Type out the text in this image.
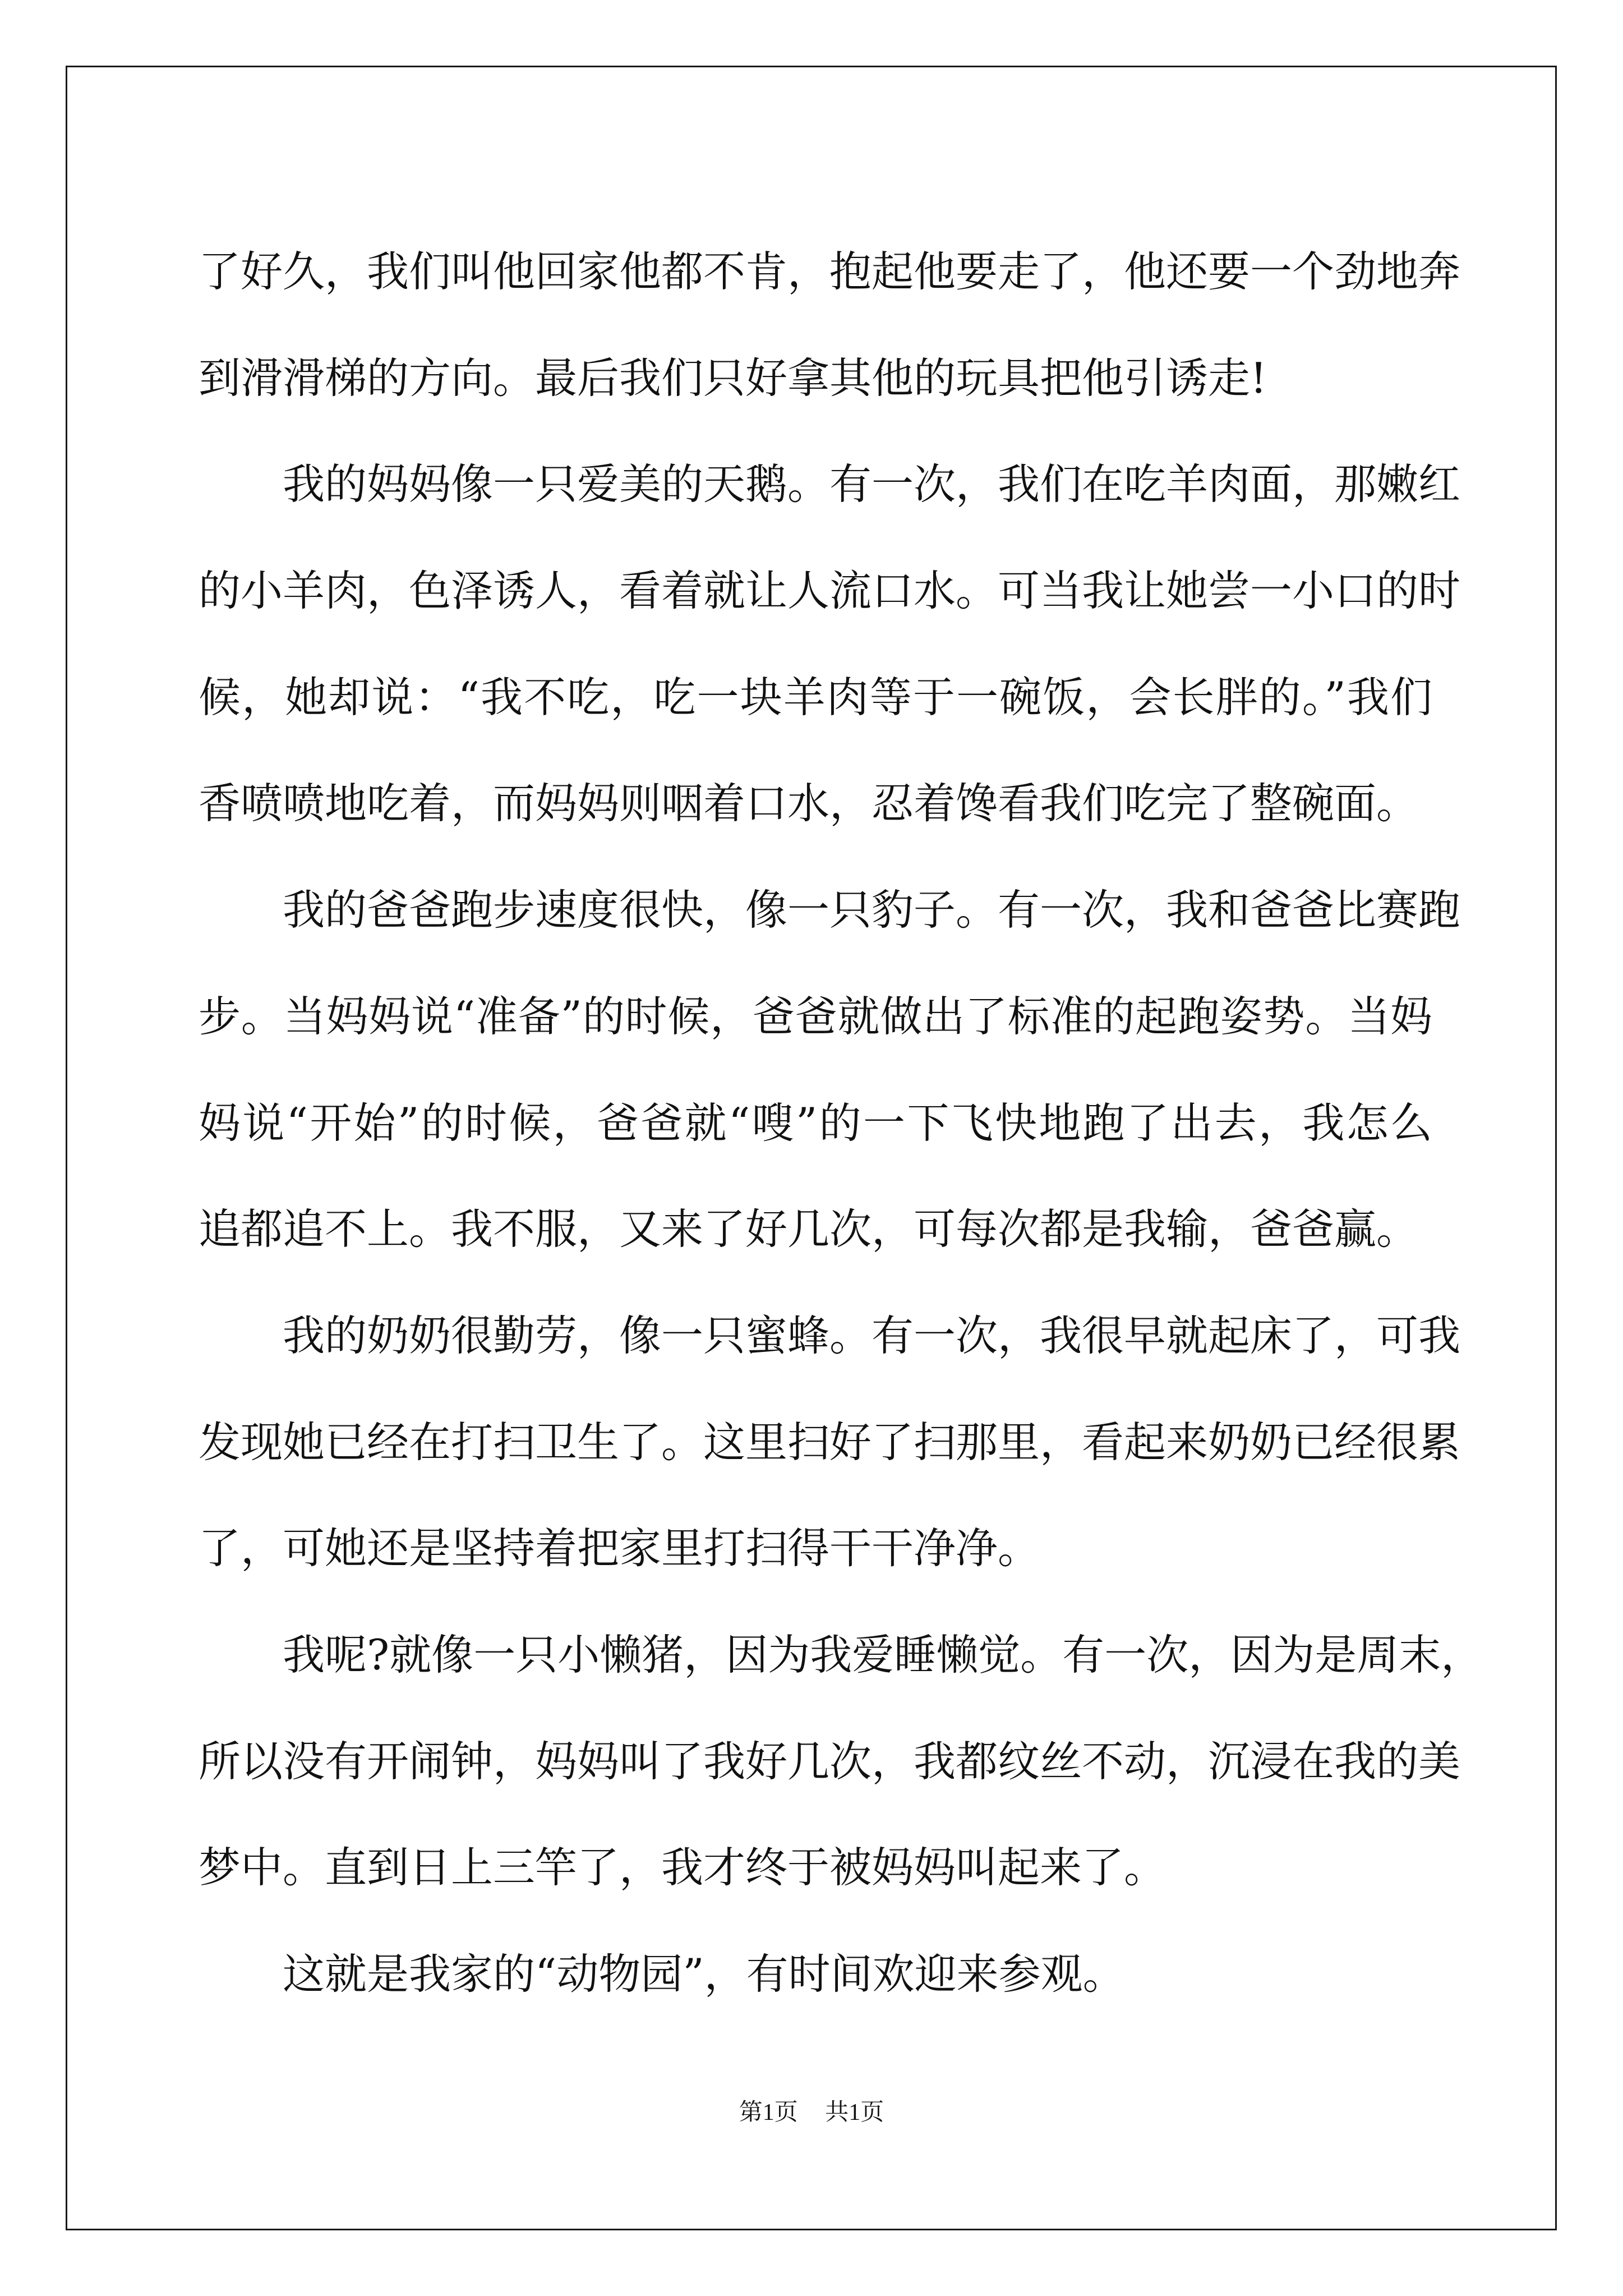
了好久，我们叫他回家他都不肯，抱起他要走了，他还要一个劲地奔
到滑滑梯的方向。最后我们只好拿其他的玩具把他引诱走!
我的妈妈像一只爱美的天鹅。有一次，我们在吃羊肉面，那嫩红
的小羊肉，色泽诱人，看着就让人流口水。可当我让她尝一小口的时
候，她却说：“我不吃，吃一块羊肉等于一碗饭，会长胖的。”我们
香喷喷地吃着，而妈妈则咽着口水，忍着馋看我们吃完了整碗面。
我的爸爸跑步速度很快，像一只豹子。有一次，我和爸爸比赛跑
步。当妈妈说“准备”的时候，爸爸就做出了标准的起跑姿势。当妈
妈说“开始”的时候，爸爸就“嗖”的一下飞快地跑了出去，我怎么
追都追不上。我不服，又来了好几次，可每次都是我输，爸爸赢。
我的奶奶很勤劳，像一只蜜蜂。有一次，我很早就起床了，可我
发现她已经在打扫卫生了。这里扫好了扫那里，看起来奶奶已经很累
了，可她还是坚持着把家里打扫得干干净净。
我呢?就像一只小懒猪，因为我爱睡懒觉。有一次，因为是周末，
所以没有开闹钟，妈妈叫了我好几次，我都纹丝不动，沉浸在我的美
梦中。直到日上三竿了，我才终于被妈妈叫起来了。
这就是我家的“动物园”，有时间欢迎来参观。
第1页 共1页
